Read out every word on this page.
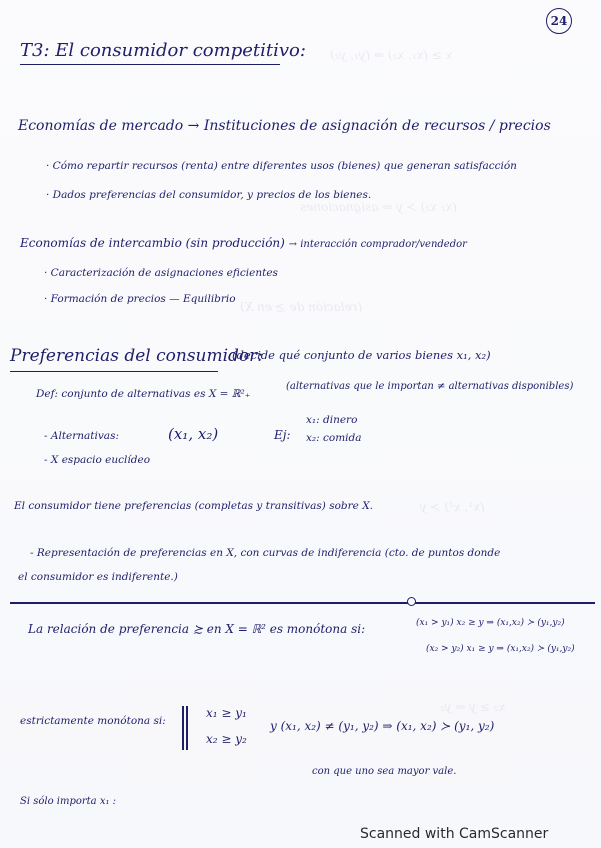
x ≥ (x₁, x₂) ⇒ (y₁, y₂)
(x₁ x₂) ≻ y ⇒ asignaciones
(relación de ≿ en X)
(x¹, x²) ≻ y
x₂ ≥ y ⇒ y₂
24
T3: El consumidor competitivo:
Economías de mercado → Instituciones de asignación de recursos / precios
· Cómo repartir recursos (renta) entre diferentes usos (bienes) que generan satisfacción
· Dados preferencias del consumidor, y precios de los bienes.
Economías de intercambio (sin producción) → interacción comprador/vendedor
· Caracterización de asignaciones eficientes
· Formación de precios — Equilibrio
Preferencias del consumidor:
(decide qué conjunto de varios bienes x₁, x₂)
Def: conjunto de alternativas es X = ℝ²₊
(alternativas que le importan ≠ alternativas disponibles)
- Alternativas:	(x₁, x₂)	Ej:
x₁: dinero
x₂: comida
- X espacio euclídeo
El consumidor tiene preferencias (completas y transitivas) sobre X.
- Representación de preferencias en X, con curvas de indiferencia (cto. de puntos donde
el consumidor es indiferente.)
La relación de preferencia ≿ en X = ℝ² es monótona si:	(x₁ > y₁) x₂ ≥ y ⇒ (x₁,x₂) ≻ (y₁,y₂)
(x₂ > y₂) x₁ ≥ y ⇒ (x₁,x₂) ≻ (y₁,y₂)
estrictamente monótona si:
x₁ ≥ y₁
x₂ ≥ y₂
y (x₁, x₂) ≠ (y₁, y₂) ⇒ (x₁, x₂) ≻ (y₁, y₂)
con que uno sea mayor vale.
Si sólo importa x₁ :
Scanned with CamScanner
